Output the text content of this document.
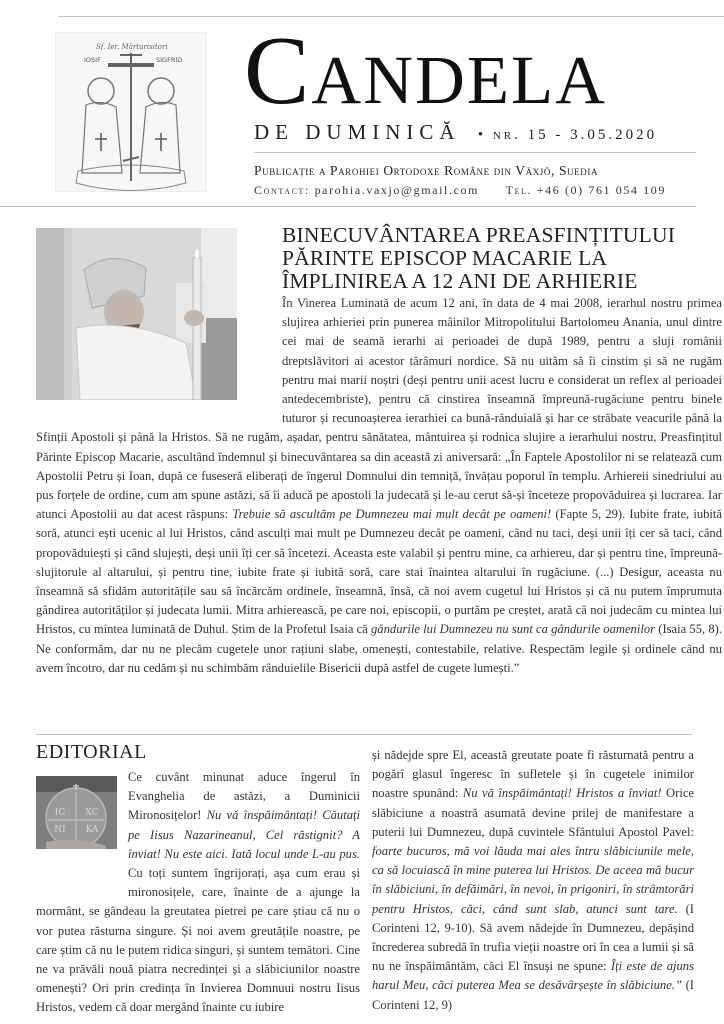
Sf. Ier. Mărturisitori
IOSIF	SIGFRID Candela
DE DUMINICĂ • nr. 15 - 3.05.2020
Publicație a Parohiei Ortodoxe Române din Växjö, Suedia
Contact: parohia.vaxjo@gmail.com Tel. +46 (0) 761 054 109
BINECUVÂNTAREA PREASFINȚITULUI PĂRINTE EPISCOP MACARIE LA ÎMPLINIREA A 12 ANI DE ARHIERIE

În Vinerea Luminată de acum 12 ani, în data de 4 mai 2008, ierarhul nostru primea slujirea arhieriei prin punerea mâinilor Mitropolitului Bartolomeu Anania, unul dintre cei mai de seamă ierarhi ai perioadei de după 1989, pentru a sluji românii dreptslăvitori ai acestor tărâmuri nordice. Să nu uităm să îi cinstim și să ne rugăm pentru mai marii noștri (deși pentru unii acest lucru e considerat un reflex al perioadei antedecembriste), pentru că cinstirea înseamnă împreună-rugăciune pentru binele tuturor și recunoașterea ierarhiei ca bună-rânduială și har ce străbate veacurile până la Sfinții Apostoli și până la Hristos. Să ne rugăm, așadar, pentru sănătatea, mântuirea și rodnica slujire a ierarhului nostru, Preasfințitul Părinte Episcop Macarie, ascultând îndemnul și binecuvântarea sa din această zi aniversară: „În Faptele Apostolilor ni se relatează cum Apostolii Petru și Ioan, după ce fuseseră eliberați de îngerul Domnului din temniță, învățau poporul în templu. Arhiereii sinedriului au pus forțele de ordine, cum am spune astăzi, să îi aducă pe apostoli la judecată și le-au cerut să-și înceteze propovăduirea și lucrarea. Iar atunci Apostolii au dat acest răspuns: Trebuie să ascultăm pe Dumnezeu mai mult decât pe oameni! (Fapte 5, 29). Iubite frate, iubită soră, atunci ești ucenic al lui Hristos, când asculți mai mult pe Dumnezeu decât pe oameni, când nu taci, deși unii îți cer să taci, când propovăduiești și când slujești, deși unii îți cer să încetezi. Aceasta este valabil și pentru mine, ca arhiereu, dar și pentru tine, împreună-slujitorule al altarului, și pentru tine, iubite frate și iubită soră, care stai înaintea altarului în rugăciune. (...) Desigur, aceasta nu înseamnă să sfidăm autoritățile sau să încărcăm ordinele, înseamnă, însă, că noi avem cugetul lui Hristos și că nu putem împrumuta gândirea autorităților și judecata lumii. Mitra arhierească, pe care noi, episcopii, o purtăm pe creștet, arată că noi judecăm cu mintea lui Hristos, cu mintea luminată de Duhul. Știm de la Profetul Isaia că gândurile lui Dumnezeu nu sunt ca gândurile oamenilor (Isaia 55, 8). Ne conformăm, dar nu ne plecăm cugetele unor rațiuni slabe, omenești, contestabile, relative. Respectăm legile și ordinele când nu avem încotro, dar nu cedăm și nu schimbăm rânduielile Bisericii după astfel de cugete lumești.”

EDITORIAL

Ce cuvânt minunat aduce îngerul în Evanghelia de astăzi, a Duminicii Mironosițelor! Nu vă înspăimântați! Căutați pe Iisus Nazarineanul, Cel răstignit? A înviat! Nu este aici. Iată locul unde L-au pus. Cu toți suntem îngrijorați, așa cum erau și mironosițele, care, înainte de a ajunge la mormânt, se gândeau la greutatea pietrei pe care știau că nu o vor putea răsturna singure. Și noi avem greutățile noastre, pe care știm că nu le putem ridica singuri, și suntem temători. Cine ne va prăvăli nouă piatra necredinței și a slăbiciunilor noastre omenești? Ori prin credința în Invierea Domnuui nostru Iisus Hristos, vedem că doar mergând înainte cu iubire

IC XC
NI KA

și nădejde spre El, această greutate poate fi răsturnată pentru a pogărî glasul îngeresc în sufletele și în cugetele inimilor noastre spunând: Nu vă înspăimântați! Hristos a înviat! Orice slăbiciune a noastră asumată devine prilej de manifestare a puterii lui Dumnezeu, după cuvintele Sfântului Apostol Pavel: foarte bucuros, mă voi lăuda mai ales întru slăbiciunile mele, ca să locuiască în mine puterea lui Hristos. De aceea mă bucur în slăbiciuni, în defăimări, în nevoi, în prigoniri, în strâmtorări pentru Hristos, căci, când sunt slab, atunci sunt tare. (I Corinteni 12, 9-10). Să avem nădejde în Dumnezeu, depășind încrederea subredă în trufia vieții noastre ori în cea a lumii și să nu ne înspăimântăm, căci El însuși ne spune: Îți este de ajuns harul Meu, căci puterea Mea se desăvârșește în slăbiciune.” (I Corinteni 12, 9)
